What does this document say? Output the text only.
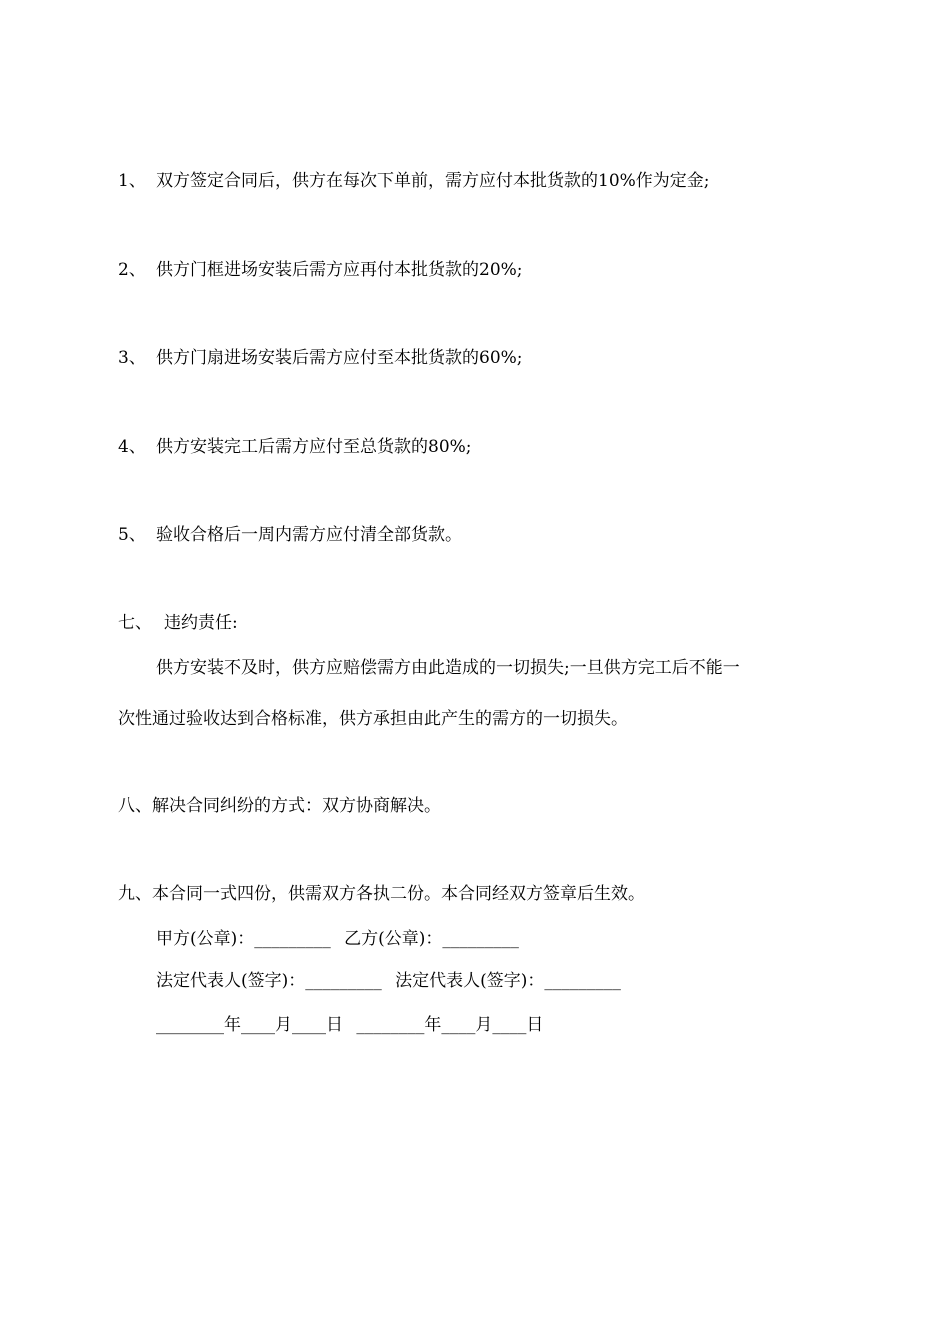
1、 双方签定合同后，供方在每次下单前，需方应付本批货款的10%作为定金;
2、 供方门框进场安装后需方应再付本批货款的20%;
3、 供方门扇进场安装后需方应付至本批货款的60%;
4、 供方安装完工后需方应付至总货款的80%;
5、 验收合格后一周内需方应付清全部货款。
七、 违约责任:
供方安装不及时，供方应赔偿需方由此造成的一切损失;一旦供方完工后不能一
次性通过验收达到合格标准，供方承担由此产生的需方的一切损失。
八、解决合同纠纷的方式：双方协商解决。
九、本合同一式四份，供需双方各执二份。本合同经双方签章后生效。
甲方(公章)：_________ 乙方(公章)：_________
法定代表人(签字)：_________ 法定代表人(签字)：_________
________年____月____日 ________年____月____日
